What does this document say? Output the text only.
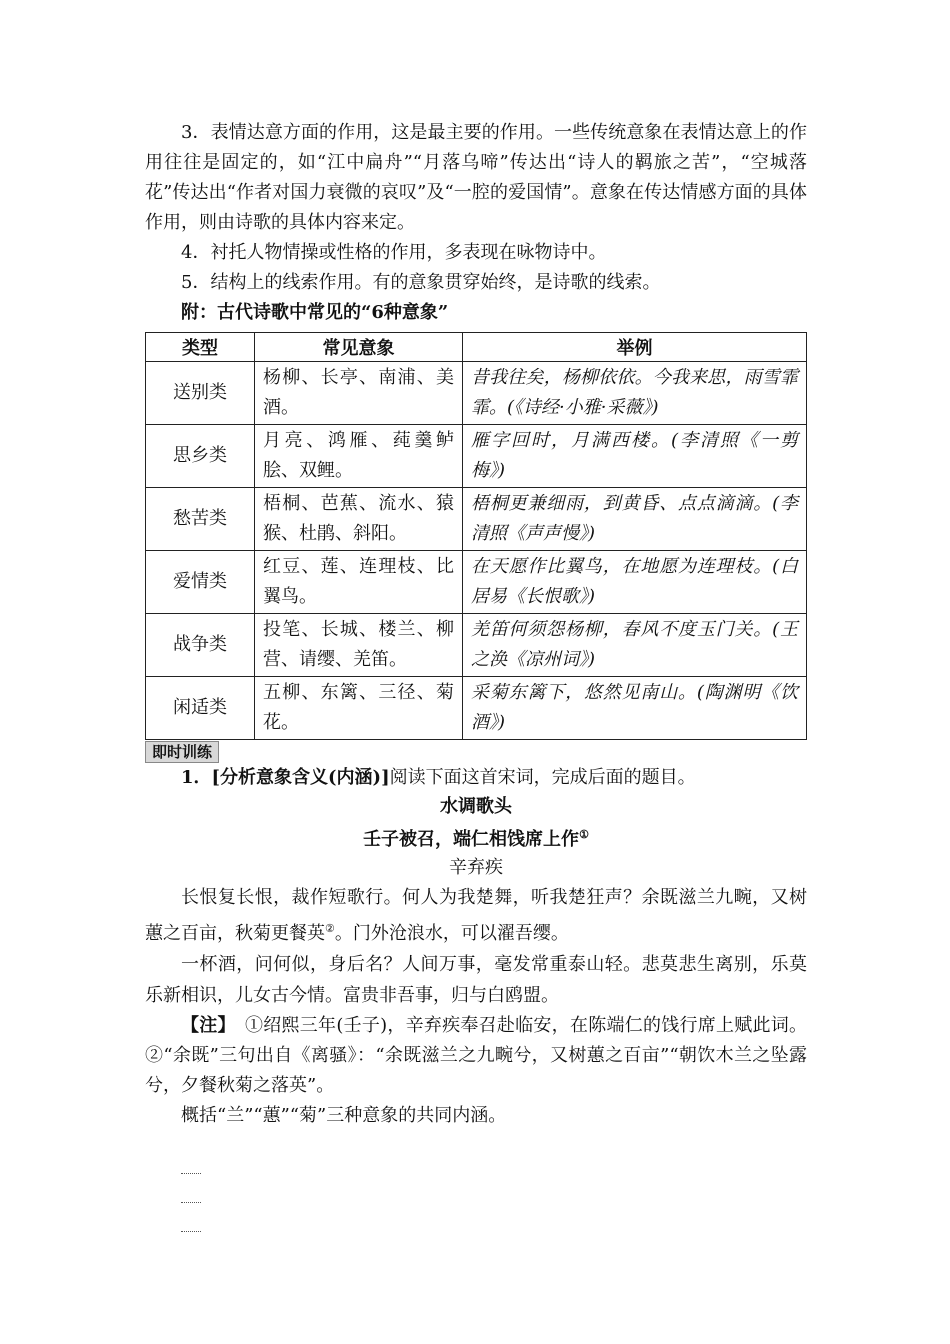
3．表情达意方面的作用，这是最主要的作用。一些传统意象在表情达意上的作用往往是固定的，如“江中扁舟”“月落乌啼”传达出“诗人的羁旅之苦”，“空城落花”传达出“作者对国力衰微的哀叹”及“一腔的爱国情”。意象在传达情感方面的具体作用，则由诗歌的具体内容来定。

4．衬托人物情操或性格的作用，多表现在咏物诗中。

5．结构上的线索作用。有的意象贯穿始终，是诗歌的线索。

附：古代诗歌中常见的“6种意象”

类型	常见意象	举例
送别类	杨柳、长亭、南浦、美酒。	昔我往矣，杨柳依依。今我来思，雨雪霏霏。(《诗经·小雅·采薇》)
思乡类	月亮、鸿雁、莼羹鲈脍、双鲤。	雁字回时，月满西楼。(李清照《一剪梅》)
愁苦类	梧桐、芭蕉、流水、猿猴、杜鹃、斜阳。	梧桐更兼细雨，到黄昏、点点滴滴。(李清照《声声慢》)
爱情类	红豆、莲、连理枝、比翼鸟。	在天愿作比翼鸟，在地愿为连理枝。(白居易《长恨歌》)
战争类	投笔、长城、楼兰、柳营、请缨、羌笛。	羌笛何须怨杨柳，春风不度玉门关。(王之涣《凉州词》)
闲适类	五柳、东篱、三径、菊花。	采菊东篱下，悠然见南山。(陶渊明《饮酒》)
即时训练

1．[分析意象含义(内涵)]阅读下面这首宋词，完成后面的题目。

水调歌头

壬子被召，端仁相饯席上作①

辛弃疾

长恨复长恨，裁作短歌行。何人为我楚舞，听我楚狂声？余既滋兰九畹，又树蕙之百亩，秋菊更餐英②。门外沧浪水，可以濯吾缨。

一杯酒，问何似，身后名？人间万事，毫发常重泰山轻。悲莫悲生离别，乐莫乐新相识，儿女古今情。富贵非吾事，归与白鸥盟。

【注】　①绍熙三年(壬子)，辛弃疾奉召赴临安，在陈端仁的饯行席上赋此词。②“余既”三句出自《离骚》：“余既滋兰之九畹兮，又树蕙之百亩”“朝饮木兰之坠露兮，夕餐秋菊之落英”。

概括“兰”“蕙”“菊”三种意象的共同内涵。
